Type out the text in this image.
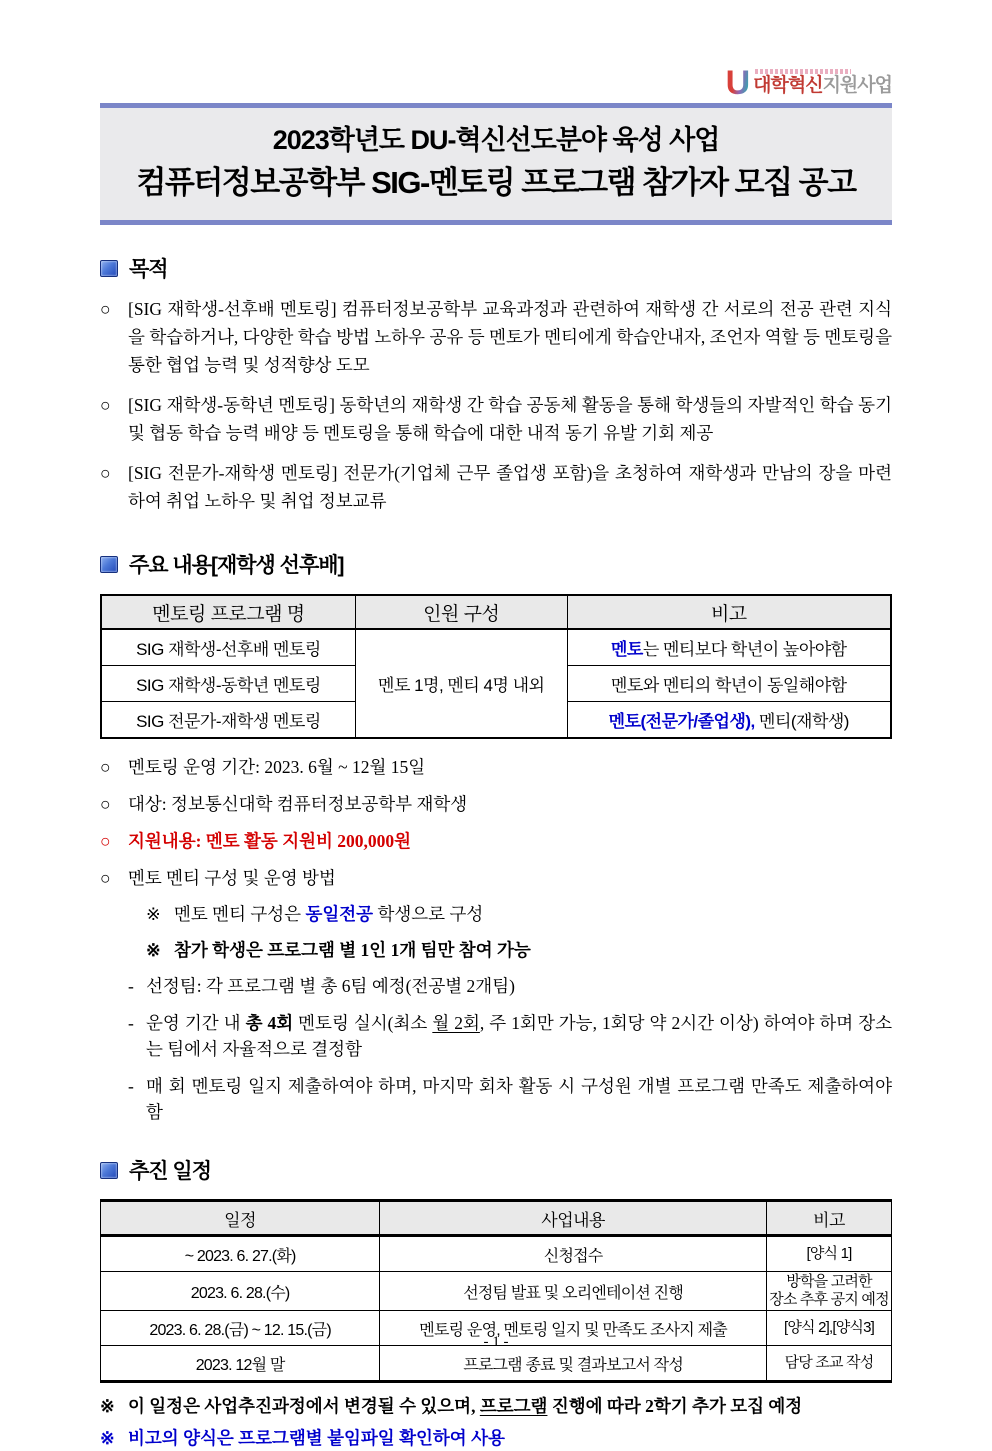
U 대학혁신지원사업
2023학년도 DU-혁신선도분야 육성 사업
컴퓨터정보공학부 SIG-멘토링 프로그램 참가자 모집 공고
목적
○ [SIG 재학생-선후배 멘토링] 컴퓨터정보공학부 교육과정과 관련하여 재학생 간 서로의 전공 관련 지식을 학습하거나, 다양한 학습 방법 노하우 공유 등 멘토가 멘티에게 학습안내자, 조언자 역할 등 멘토링을 통한 협업 능력 및 성적향상 도모
○ [SIG 재학생-동학년 멘토링] 동학년의 재학생 간 학습 공동체 활동을 통해 학생들의 자발적인 학습 동기 및 협동 학습 능력 배양 등 멘토링을 통해 학습에 대한 내적 동기 유발 기회 제공
○ [SIG 전문가-재학생 멘토링] 전문가(기업체 근무 졸업생 포함)을 초청하여 재학생과 만남의 장을 마련하여 취업 노하우 및 취업 정보교류
주요 내용[재학생 선후배]
멘토링 프로그램 명	인원 구성	비고
SIG 재학생-선후배 멘토링	멘토 1명, 멘티 4명 내외	멘토는 멘티보다 학년이 높아야함
SIG 재학생-동학년 멘토링		멘토와 멘티의 학년이 동일해야함
SIG 전문가-재학생 멘토링		멘토(전문가/졸업생), 멘티(재학생)
○ 멘토링 운영 기간: 2023. 6월 ~ 12월 15일
○ 대상: 정보통신대학 컴퓨터정보공학부 재학생
○ 지원내용: 멘토 활동 지원비 200,000원
○ 멘토 멘티 구성 및 운영 방법
※ 멘토 멘티 구성은 동일전공 학생으로 구성
※ 참가 학생은 프로그램 별 1인 1개 팀만 참여 가능
- 선정팀: 각 프로그램 별 총 6팀 예정(전공별 2개팀)
- 운영 기간 내 총 4회 멘토링 실시(최소 월 2회, 주 1회만 가능, 1회당 약 2시간 이상) 하여야 하며 장소는 팀에서 자율적으로 결정함
- 매 회 멘토링 일지 제출하여야 하며, 마지막 회차 활동 시 구성원 개별 프로그램 만족도 제출하여야 함
추진 일정
일정	사업내용	비고
~ 2023. 6. 27.(화)	신청접수	[양식 1]

2023. 6. 28.(수)	선정팀 발표 및 오리엔테이션 진행	방학을 고려한
장소 추후 공지 예정

2023. 6. 28.(금) ~ 12. 15.(금)	멘토링 운영, 멘토링 일지 및 만족도 조사지 제출	[양식 2],[양식3]

2023. 12월 말	프로그램 종료 및 결과보고서 작성	담당 조교 작성
※ 이 일정은 사업추진과정에서 변경될 수 있으며, 프로그램 진행에 따라 2학기 추가 모집 예정
※ 비고의 양식은 프로그램별 붙임파일 확인하여 사용
- 1 -
